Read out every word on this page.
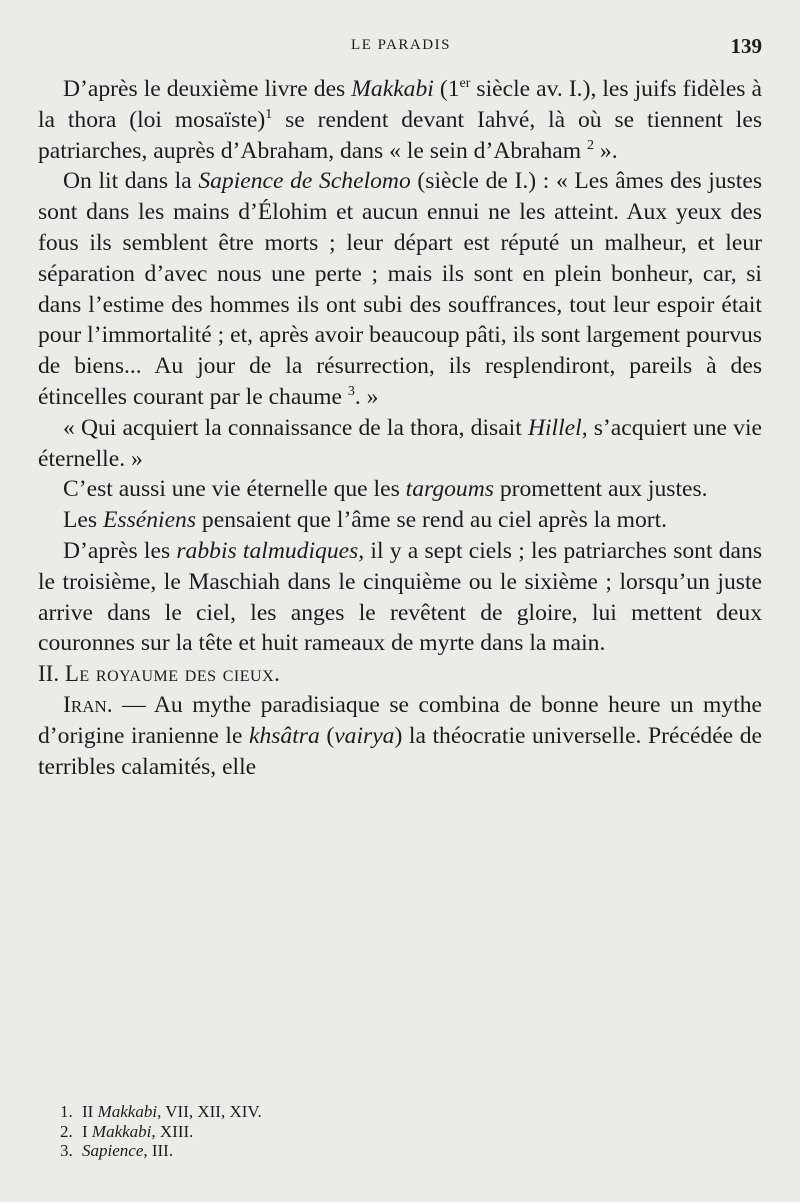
LE PARADIS	139

D’après le deuxième livre des Makkabi (1er siècle av. I.), les juifs fidèles à la thora (loi mosaïste)$^1$ se rendent devant Iahvé, là où se tiennent les patriarches, auprès d’Abraham, dans « le sein d’Abraham $^2$ ».

On lit dans la Sapience de Schelomo (siècle de I.) : « Les âmes des justes sont dans les mains d’Élohim et aucun ennui ne les atteint. Aux yeux des fous ils semblent être morts ; leur départ est réputé un malheur, et leur séparation d’avec nous une perte ; mais ils sont en plein bonheur, car, si dans l’estime des hommes ils ont subi des souffrances, tout leur espoir était pour l’immortalité ; et, après avoir beaucoup pâti, ils sont largement pourvus de biens... Au jour de la résurrection, ils resplendiront, pareils à des étincelles courant par le chaume $^3$. »

« Qui acquiert la connaissance de la thora, disait Hillel, s’acquiert une vie éternelle. »

C’est aussi une vie éternelle que les targoums promettent aux justes.

Les Esséniens pensaient que l’âme se rend au ciel après la mort.

D’après les rabbis talmudiques, il y a sept ciels ; les patriarches sont dans le troisième, le Maschiah dans le cinquième ou le sixième ; lorsqu’un juste arrive dans le ciel, les anges le revêtent de gloire, lui mettent deux couronnes sur la tête et huit rameaux de myrte dans la main.

II. Le royaume des cieux.

Iran. — Au mythe paradisiaque se combina de bonne heure un mythe d’origine iranienne le khsâtra (vairya) la théocratie universelle. Précédée de terribles calamités, elle

1. II Makkabi, VII, XII, XIV.
2. I Makkabi, XIII.
3. Sapience, III.
